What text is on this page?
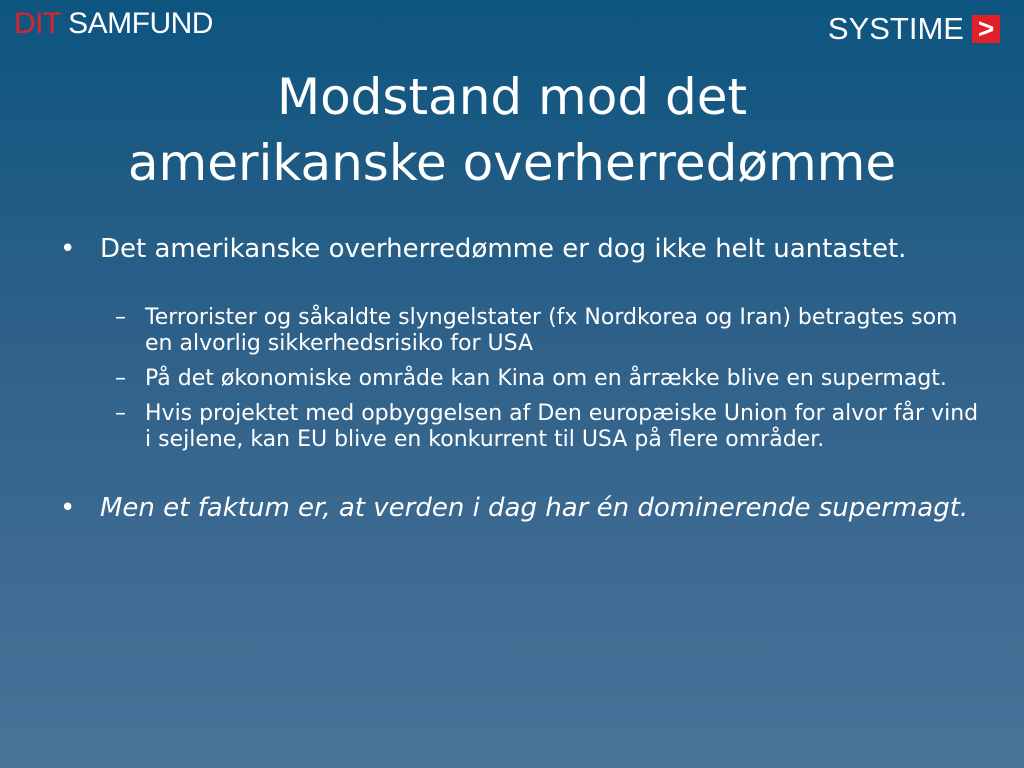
DIT SAMFUND	SYSTIME >
Modstand mod det
amerikanske overherredømme
• Det amerikanske overherredømme er dog ikke helt uantastet.
– Terrorister og såkaldte slyngelstater (fx Nordkorea og Iran) betragtes som en alvorlig sikkerhedsrisiko for USA
– På det økonomiske område kan Kina om en årrække blive en supermagt.
– Hvis projektet med opbyggelsen af Den europæiske Union for alvor får vind i sejlene, kan EU blive en konkurrent til USA på flere områder.
• Men et faktum er, at verden i dag har én dominerende supermagt.
